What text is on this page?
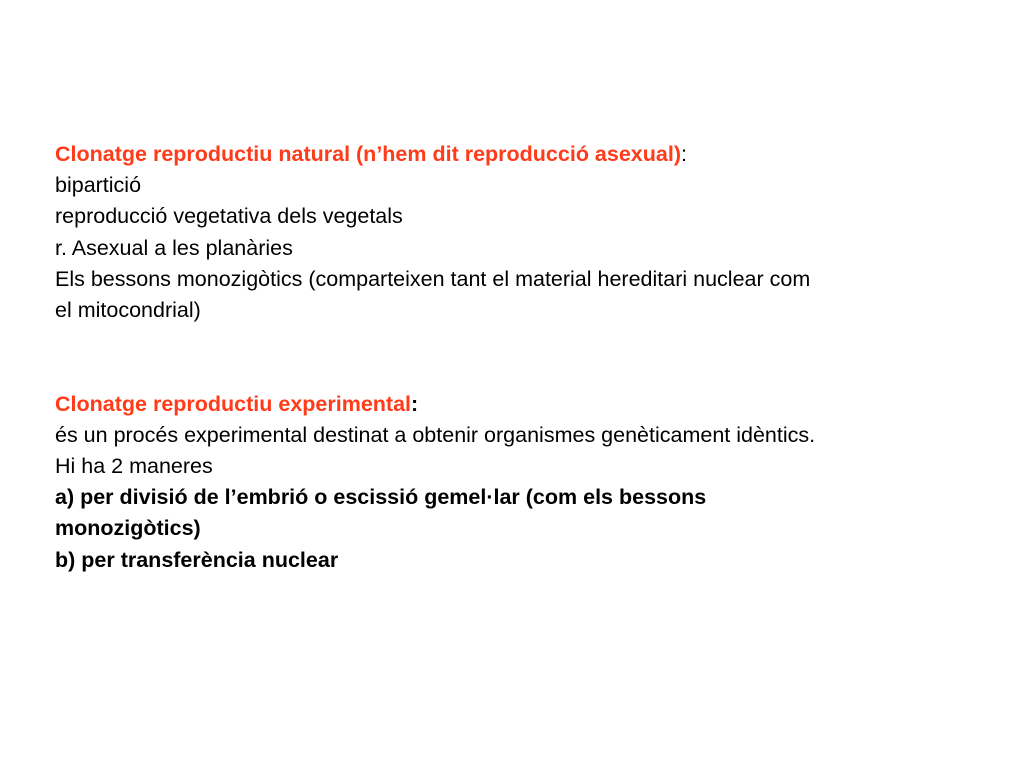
Clonatge reproductiu natural (n’hem dit reproducció asexual):
bipartició
reproducció vegetativa dels vegetals
r. Asexual a les planàries
Els bessons monozigòtics (comparteixen tant el material hereditari nuclear com
el mitocondrial)
Clonatge reproductiu experimental:
és un procés experimental destinat a obtenir organismes genèticament idèntics.
Hi ha 2 maneres
a) per divisió de l’embrió o escissió gemel·lar (com els bessons
monozigòtics)
b) per transferència nuclear
